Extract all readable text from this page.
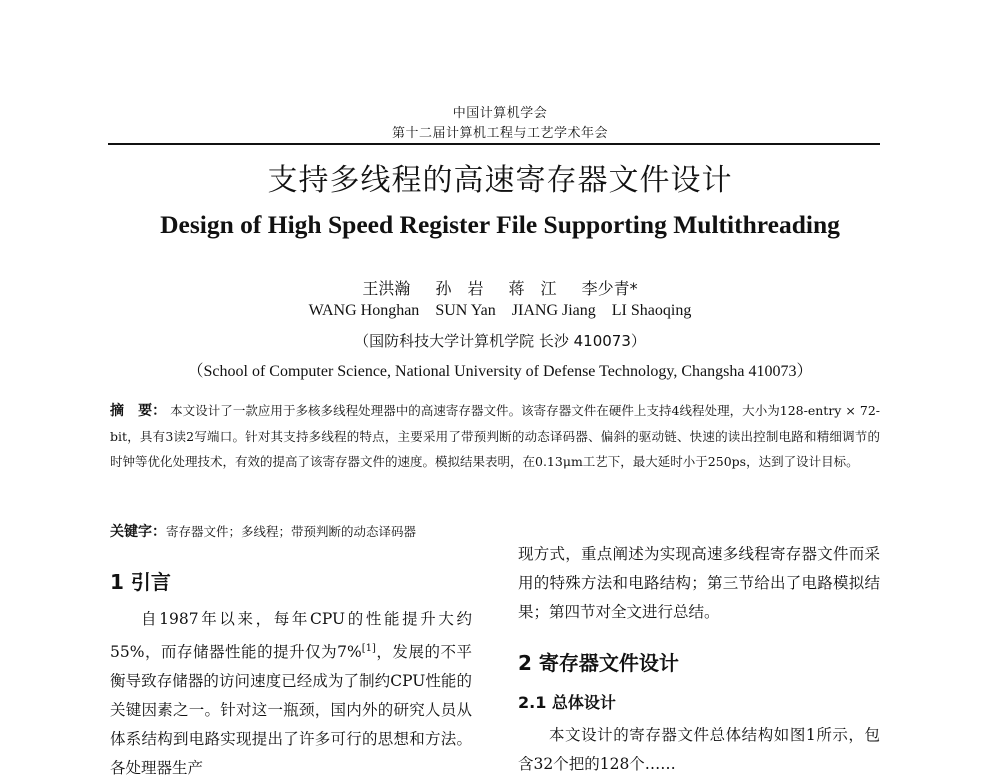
中国计算机学会
第十二届计算机工程与工艺学术年会
支持多线程的高速寄存器文件设计
Design of High Speed Register File Supporting Multithreading
王洪瀚 孙　岩 蒋　江 李少青*
WANG Honghan SUN Yan JIANG Jiang LI Shaoqing
（国防科技大学计算机学院 长沙 410073）
（School of Computer Science, National University of Defense Technology, Changsha 410073）
摘　要： 本文设计了一款应用于多核多线程处理器中的高速寄存器文件。该寄存器文件在硬件上支持4线程处理，大小为128-entry × 72-bit，具有3读2写端口。针对其支持多线程的特点，主要采用了带预判断的动态译码器、偏斜的驱动链、快速的读出控制电路和精细调节的时钟等优化处理技术，有效的提高了该寄存器文件的速度。模拟结果表明，在0.13μm工艺下，最大延时小于250ps，达到了设计目标。
关键字：寄存器文件；多线程；带预判断的动态译码器
1 引言

自1987年以来，每年CPU的性能提升大约55%，而存储器性能的提升仅为7%[1]，发展的不平衡导致存储器的访问速度已经成为了制约CPU性能的关键因素之一。针对这一瓶颈，国内外的研究人员从体系结构到电路实现提出了许多可行的思想和方法。各处理器生产

现方式，重点阐述为实现高速多线程寄存器文件而采用的特殊方法和电路结构；第三节给出了电路模拟结果；第四节对全文进行总结。

2 寄存器文件设计
2.1 总体设计

本文设计的寄存器文件总体结构如图1所示，包含32个把的128个……
